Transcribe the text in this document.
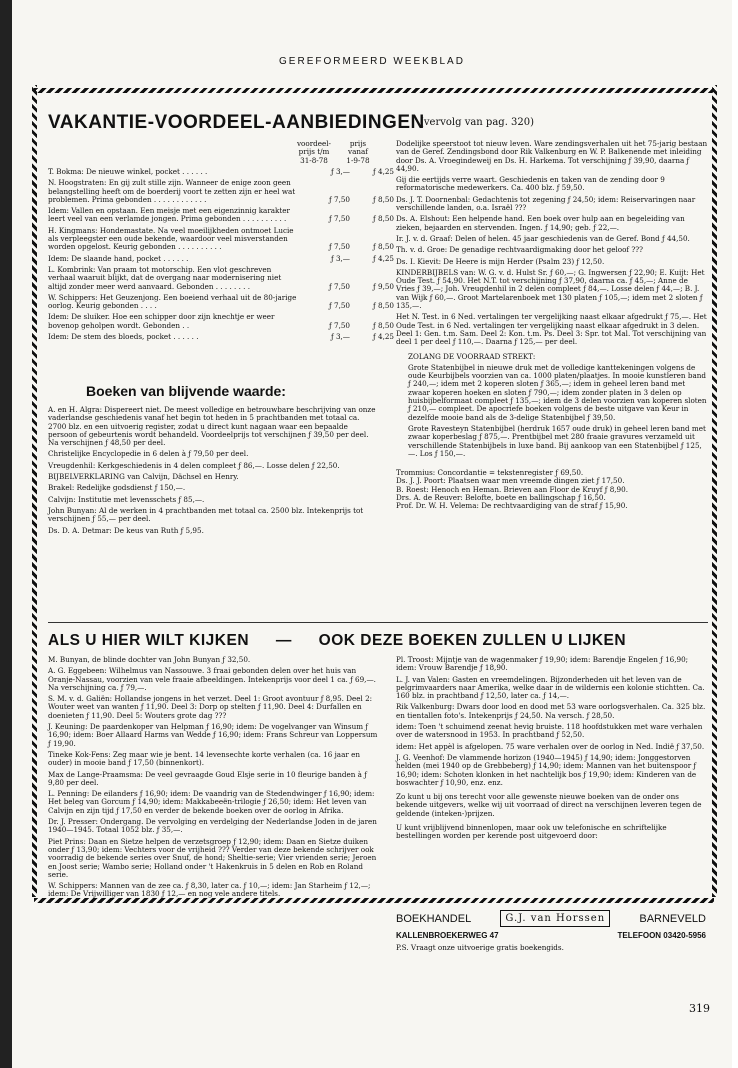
GEREFORMEERD WEEKBLAD
VAKANTIE-VOORDEEL-AANBIEDINGEN
(vervolg van pag. 320)
voordeel-
prijs t/m
31-8-78
prijs
vanaf
1-9-78
T. Bokma: De nieuwe winkel, pocket . . . . . .	ƒ 3,—	ƒ 4,25
N. Hoogstraten: En gij zult stille zijn. Wanneer de enige zoon geen belangstelling heeft om de boerderij voort te zetten zijn er heel wat problemen. Prima gebonden . . . . . . . . . . . .	ƒ 7,50	ƒ 8,50
Idem: Vallen en opstaan. Een meisje met een eigenzinnig karakter leert veel van een verlamde jongen. Prima gebonden . . . . . . . . . .	ƒ 7,50	ƒ 8,50
H. Kingmans: Hondemastate. Na veel moeilijkheden ontmoet Lucie als verpleegster een oude bekende, waardoor veel misverstanden worden opgelost. Keurig gebonden . . . . . . . . . .	ƒ 7,50	ƒ 8,50
Idem: De slaande hand, pocket . . . . . .	ƒ 3,—	ƒ 4,25
L. Kombrink: Van praam tot motorschip. Een vlot geschreven verhaal waaruit blijkt, dat de overgang naar modernisering niet altijd zonder meer werd aanvaard. Gebonden . . . . . . . .	ƒ 7,50	ƒ 9,50
W. Schippers: Het Geuzenjong. Een boeiend verhaal uit de 80-jarige oorlog. Keurig gebonden . . . .	ƒ 7,50	ƒ 8,50
Idem: De sluiker. Hoe een schipper door zijn knechtje er weer bovenop geholpen wordt. Gebonden . .	ƒ 7,50	ƒ 8,50
Idem: De stem des bloeds, pocket . . . . . .	ƒ 3,—	ƒ 4,25
Boeken van blijvende waarde:

A. en H. Algra: Dispereert niet. De meest volledige en betrouwbare beschrijving van onze vaderlandse geschiedenis vanaf het begin tot heden in 5 prachtbanden met totaal ca. 2700 blz. en een uitvoerig register, zodat u direct kunt nagaan waar een bepaalde persoon of gebeurtenis wordt behandeld. Voordeelprijs tot verschijnen ƒ 39,50 per deel. Na verschijnen ƒ 48,50 per deel.

Christelijke Encyclopedie in 6 delen à ƒ 79,50 per deel.

Vreugdenhil: Kerkgeschiedenis in 4 delen compleet ƒ 86,—. Losse delen ƒ 22,50.

BIJBELVERKLARING van Calvijn, Dächsel en Henry.

Brakel: Redelijke godsdienst ƒ 150,—.

Calvijn: Institutie met levensschets ƒ 85,—.

John Bunyan: Al de werken in 4 prachtbanden met totaal ca. 2500 blz. Intekenprijs tot verschijnen ƒ 55,— per deel.

Ds. D. A. Detmar: De keus van Ruth ƒ 5,95.

Dodelijke speerstoot tot nieuw leven. Ware zendingsverhalen uit het 75-jarig bestaan van de Geref. Zendingsbond door Rik Valkenburg en W. P. Balkenende met inleiding door Ds. A. Vroegindeweij en Ds. H. Harkema. Tot verschijning ƒ 39,90, daarna ƒ 44,90.

Gij die eertijds verre waart. Geschiedenis en taken van de zending door 9 reformatorische medewerkers. Ca. 400 blz. ƒ 59,50.

Ds. J. T. Doornenbal: Gedachtenis tot zegening ƒ 24,50; idem: Reiservaringen naar verschillende landen, o.a. Israël ???

Ds. A. Elshout: Een helpende hand. Een boek over hulp aan en begeleiding van zieken, bejaarden en stervenden. Ingen. ƒ 14,90; geb. ƒ 22,—.

Ir. J. v. d. Graaf: Delen of helen. 45 jaar geschiedenis van de Geref. Bond ƒ 44,50.

Th. v. d. Groe: De genadige rechtvaardigmaking door het geloof ???

Ds. I. Kievit: De Heere is mijn Herder (Psalm 23) ƒ 12,50.

KINDERBIJBELS van: W. G. v. d. Hulst Sr. ƒ 60,—; G. Ingwersen ƒ 22,90; E. Kuijt: Het Oude Test. ƒ 54,90. Het N.T. tot verschijning ƒ 37,90, daarna ca. ƒ 45,—; Anne de Vries ƒ 39,—; Joh. Vreugdenhil in 2 delen compleet ƒ 84,—. Losse delen ƒ 44,—; B. J. van Wijk ƒ 60,—. Groot Martelarenboek met 130 platen ƒ 105,—; idem met 2 sloten ƒ 135,—.

Het N. Test. in 6 Ned. vertalingen ter vergelijking naast elkaar afgedrukt ƒ 75,—. Het Oude Test. in 6 Ned. vertalingen ter vergelijking naast elkaar afgedrukt in 3 delen. Deel 1: Gen. t.m. Sam. Deel 2: Kon. t.m. Ps. Deel 3: Spr. tot Mal. Tot verschijning van deel 1 per deel ƒ 110,—. Daarna ƒ 125,— per deel.

ZOLANG DE VOORRAAD STREKT:

Grote Statenbijbel in nieuwe druk met de volledige kanttekeningen volgens de oude Keurbijbels voorzien van ca. 1000 platen/plaatjes. In mooie kunstleren band ƒ 240,—; idem met 2 koperen sloten ƒ 365,—; idem in geheel leren band met zwaar koperen hoeken en sloten ƒ 790,—; idem zonder platen in 3 delen op huisbijbelformaat compleet ƒ 135,—; idem de 3 delen voorzien van koperen sloten ƒ 210,— compleet. De apocriefe boeken volgens de beste uitgave van Keur in dezelfde mooie band als de 3-delige Statenbijbel ƒ 39,50.

Grote Ravesteyn Statenbijbel (herdruk 1657 oude druk) in geheel leren band met zwaar koperbeslag ƒ 875,—. Prentbijbel met 280 fraaie gravures verzameld uit verschillende Statenbijbels in luxe band. Bij aankoop van een Statenbijbel ƒ 125,—. Los ƒ 150,—.

Trommius: Concordantie = tekstenregister ƒ 69,50.

Ds. J. J. Poort: Plaatsen waar men vreemde dingen ziet ƒ 17,50.

B. Roest: Henoch en Heman. Brieven aan Floor de Kruyf ƒ 8,90.

Drs. A. de Reuver: Belofte, boete en ballingschap ƒ 16,50.

Prof. Dr. W. H. Velema: De rechtvaardiging van de straf ƒ 15,90.

ALS U HIER WILT KIJKEN — OOK DEZE BOEKEN ZULLEN U LIJKEN

M. Bunyan, de blinde dochter van John Bunyan ƒ 32,50.

A. G. Eggebeen: Wilhelmus van Nassouwe. 3 fraai gebonden delen over het huis van Oranje-Nassau, voorzien van vele fraaie afbeeldingen. Intekenprijs voor deel 1 ca. ƒ 69,—. Na verschijning ca. ƒ 79,—.

S. M. v. d. Galiën: Hollandse jongens in het verzet. Deel 1: Groot avontuur ƒ 8,95. Deel 2: Wouter weet van wanten ƒ 11,90. Deel 3: Dorp op stelten ƒ 11,90. Deel 4: Durfallen en doenieten ƒ 11,90. Deel 5: Wouters grote dag ???

J. Keuning: De paardenkoper van Helpman ƒ 16,90; idem: De vogelvanger van Winsum ƒ 16,90; idem: Boer Allaard Harms van Wedde ƒ 16,90; idem: Frans Schreur van Loppersum ƒ 19,90.

Tineke Kok-Fens: Zeg maar wie je bent. 14 levensechte korte verhalen (ca. 16 jaar en ouder) in mooie band ƒ 17,50 (binnenkort).

Max de Lange-Praamsma: De veel gevraagde Goud Elsje serie in 10 fleurige banden à ƒ 9,80 per deel.

L. Penning: De eilanders ƒ 16,90; idem: De vaandrig van de Stedendwinger ƒ 16,90; idem: Het beleg van Gorcum ƒ 14,90; idem: Makkabeeën-trilogie ƒ 26,50; idem: Het leven van Calvijn en zijn tijd ƒ 17,50 en verder de bekende boeken over de oorlog in Afrika.

Dr. J. Presser: Ondergang. De vervolging en verdelging der Nederlandse Joden in de jaren 1940—1945. Totaal 1052 blz. ƒ 35,—.

Piet Prins: Daan en Sietze helpen de verzetsgroep ƒ 12,90; idem: Daan en Sietze duiken onder ƒ 13,90; idem: Vechters voor de vrijheid ??? Verder van deze bekende schrijver ook voorradig de bekende series over Snuf, de hond; Sheltie-serie; Vier vrienden serie; Jeroen en Joost serie; Wambo serie; Holland onder 't Hakenkruis in 5 delen en Rob en Roland serie.

W. Schippers: Mannen van de zee ca. ƒ 8,30, later ca. ƒ 10,—; idem: Jan Starheim ƒ 12,—; idem: De Vrijwilliger van 1830 ƒ 12,— en nog vele andere titels.

Pl. Troost: Mijntje van de wagenmaker ƒ 19,90; idem: Barendje Engelen ƒ 16,90; idem: Vrouw Barendje ƒ 18,90.

L. J. van Valen: Gasten en vreemdelingen. Bijzonderheden uit het leven van de pelgrimvaarders naar Amerika, welke daar in de wildernis een kolonie stichtten. Ca. 160 blz. in prachtband ƒ 12,50, later ca. ƒ 14,—.

Rik Valkenburg: Dwars door lood en dood met 53 ware oorlogsverhalen. Ca. 325 blz. en tientallen foto's. Intekenprijs ƒ 24,50. Na versch. ƒ 28,50.

idem: Toen 't schuimend zeenat hevig bruiste. 118 hoofdstukken met ware verhalen over de watersnood in 1953. In prachtband ƒ 52,50.

idem: Het appèl is afgelopen. 75 ware verhalen over de oorlog in Ned. Indië ƒ 37,50.

J. G. Veenhof: De vlammende horizon (1940—1945) ƒ 14,90; idem: Jonggestorven helden (mei 1940 op de Grebbeberg) ƒ 14,90; idem: Mannen van het buitenspoor ƒ 16,90; idem: Schoten klonken in het nachtelijk bos ƒ 19,90; idem: Kinderen van de boswachter ƒ 10,90, enz. enz.

Zo kunt u bij ons terecht voor alle gewenste nieuwe boeken van de onder ons bekende uitgevers, welke wij uit voorraad of direct na verschijnen leveren tegen de geldende (inteken-)prijzen.

U kunt vrijblijvend binnenlopen, maar ook uw telefonische en schriftelijke bestellingen worden per kerende post uitgevoerd door:

BOEKHANDEL	G.J. van Horssen	BARNEVELD
KALLENBROEKERWEG 47	TELEFOON 03420-5956
P.S. Vraagt onze uitvoerige gratis boekengids.
319
